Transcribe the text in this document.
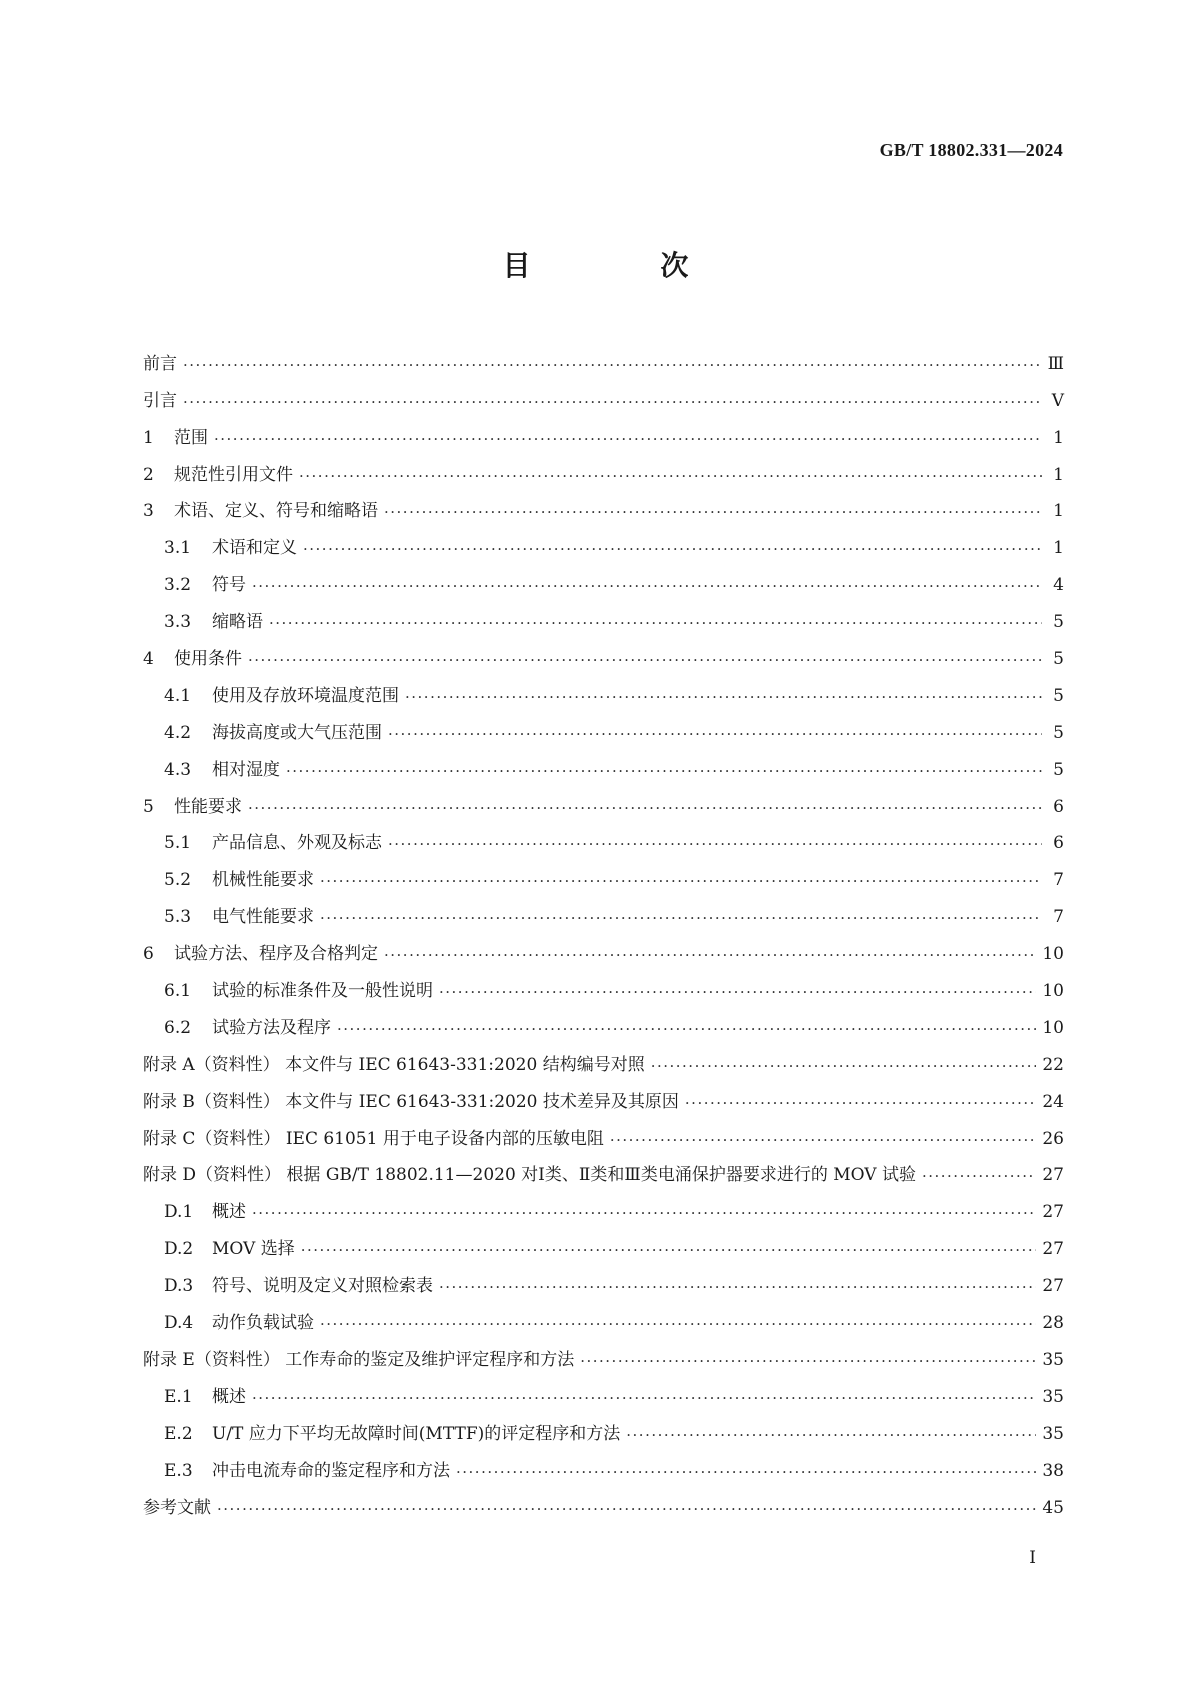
GB/T 18802.331—2024
目 次
前言 ·····	Ⅲ
引言 ·····	Ⅴ
1	范围 ·····	1
2	规范性引用文件 ·····	1
3	术语、定义、符号和缩略语 ·····	1
3.1	术语和定义 ·····	1
3.2	符号 ·····	4
3.3	缩略语 ·····	5
4	使用条件 ·····	5
4.1	使用及存放环境温度范围 ·····	5
4.2	海拔高度或大气压范围 ·····	5
4.3	相对湿度 ·····	5
5	性能要求 ·····	6
5.1	产品信息、外观及标志 ·····	6
5.2	机械性能要求 ·····	7
5.3	电气性能要求 ·····	7
6	试验方法、程序及合格判定 ·····	10
6.1	试验的标准条件及一般性说明 ·····	10
6.2	试验方法及程序 ·····	10
附录 A（资料性） 本文件与 IEC 61643-331:2020 结构编号对照 ·····	22
附录 B（资料性） 本文件与 IEC 61643-331:2020 技术差异及其原因 ·····	24
附录 C（资料性） IEC 61051 用于电子设备内部的压敏电阻 ·····	26
附录 D（资料性） 根据 GB/T 18802.11—2020 对Ⅰ类、Ⅱ类和Ⅲ类电涌保护器要求进行的 MOV 试验 ·····	27
D.1	概述 ·····	27
D.2	MOV 选择 ·····	27
D.3	符号、说明及定义对照检索表 ·····	27
D.4	动作负载试验 ·····	28
附录 E（资料性） 工作寿命的鉴定及维护评定程序和方法 ·····	35
E.1	概述 ·····	35
E.2	U/T 应力下平均无故障时间(MTTF)的评定程序和方法 ·····	35
E.3	冲击电流寿命的鉴定程序和方法 ·····	38
参考文献 ·····	45
Ⅰ
